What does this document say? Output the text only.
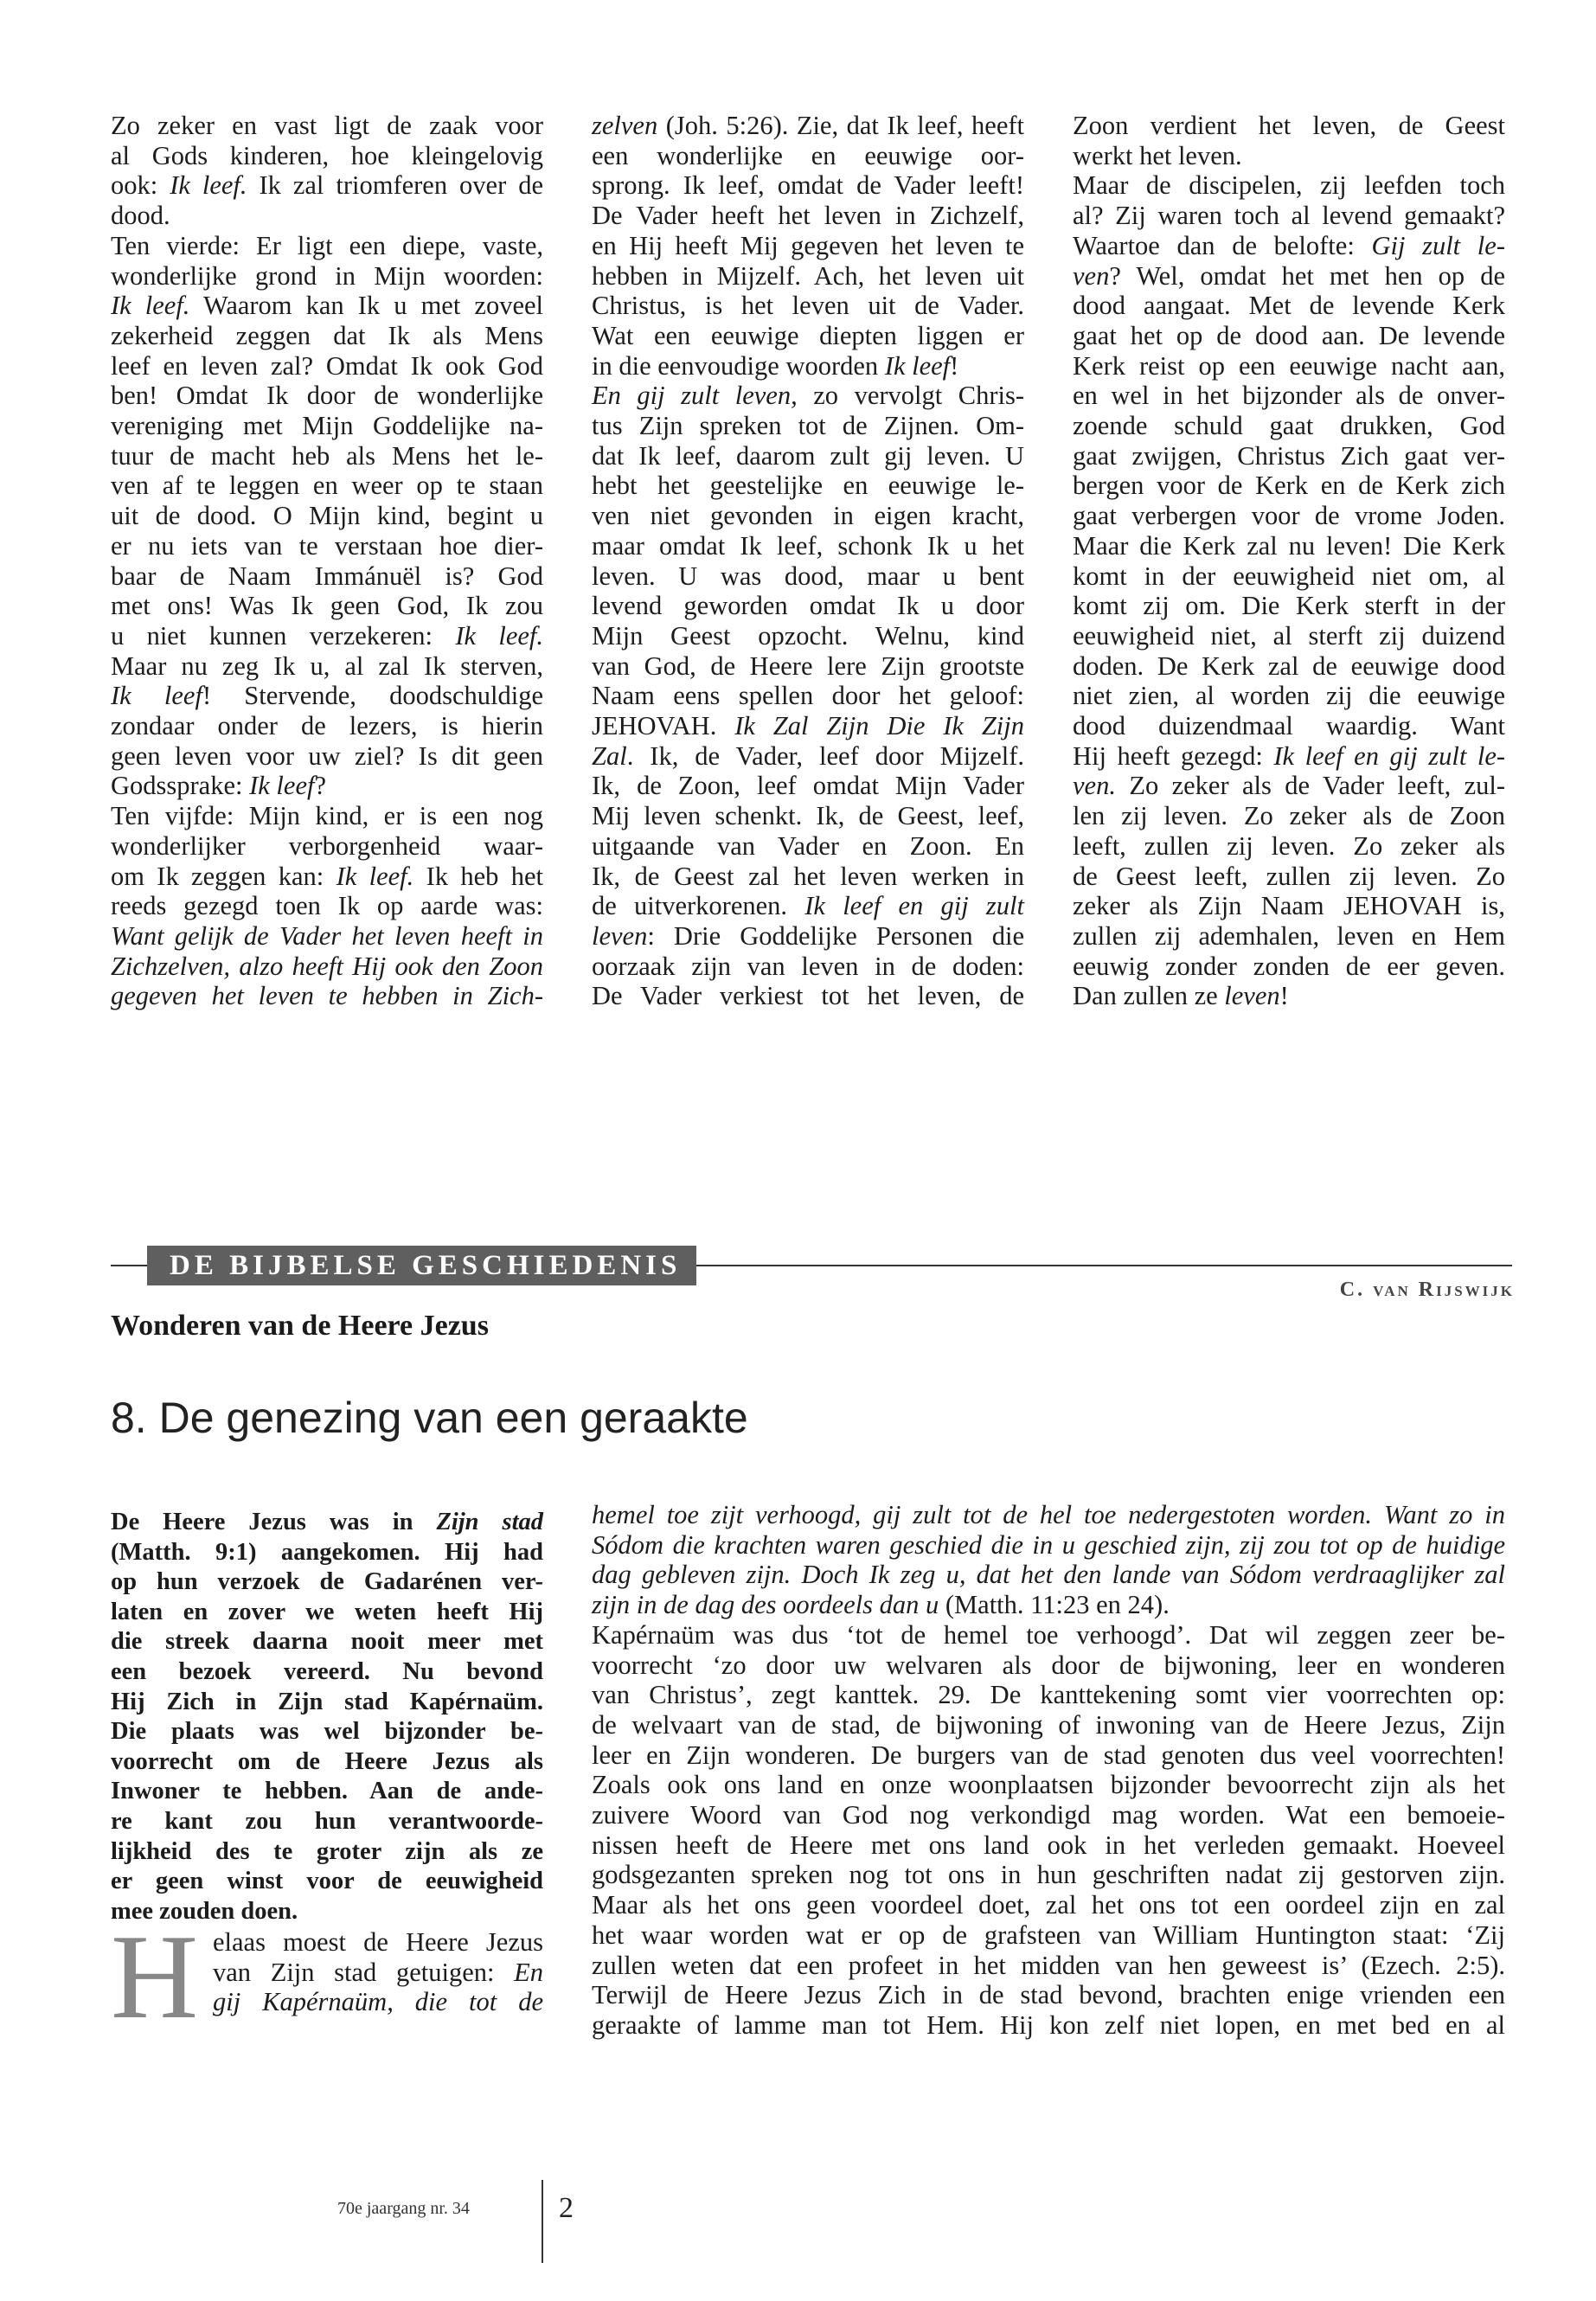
Zo zeker en vast ligt de zaak voor
al Gods kinderen, hoe kleingelovig
ook: Ik leef. Ik zal triomferen over de
dood.
Ten vierde: Er ligt een diepe, vaste,
wonderlijke grond in Mijn woorden:
Ik leef. Waarom kan Ik u met zoveel
zekerheid zeggen dat Ik als Mens
leef en leven zal? Omdat Ik ook God
ben! Omdat Ik door de wonderlijke
vereniging met Mijn Goddelijke na-
tuur de macht heb als Mens het le-
ven af te leggen en weer op te staan
uit de dood. O Mijn kind, begint u
er nu iets van te verstaan hoe dier-
baar de Naam Immánuël is? God
met ons! Was Ik geen God, Ik zou
u niet kunnen verzekeren: Ik leef.
Maar nu zeg Ik u, al zal Ik sterven,
Ik leef! Stervende, doodschuldige
zondaar onder de lezers, is hierin
geen leven voor uw ziel? Is dit geen
Godssprake: Ik leef?
Ten vijfde: Mijn kind, er is een nog
wonderlijker verborgenheid waar-
om Ik zeggen kan: Ik leef. Ik heb het
reeds gezegd toen Ik op aarde was:
Want gelijk de Vader het leven heeft in
Zichzelven, alzo heeft Hij ook den Zoon
gegeven het leven te hebben in Zich-
zelven (Joh. 5:26). Zie, dat Ik leef, heeft
een wonderlijke en eeuwige oor-
sprong. Ik leef, omdat de Vader leeft!
De Vader heeft het leven in Zichzelf,
en Hij heeft Mij gegeven het leven te
hebben in Mijzelf. Ach, het leven uit
Christus, is het leven uit de Vader.
Wat een eeuwige diepten liggen er
in die eenvoudige woorden Ik leef!
En gij zult leven, zo vervolgt Chris-
tus Zijn spreken tot de Zijnen. Om-
dat Ik leef, daarom zult gij leven. U
hebt het geestelijke en eeuwige le-
ven niet gevonden in eigen kracht,
maar omdat Ik leef, schonk Ik u het
leven. U was dood, maar u bent
levend geworden omdat Ik u door
Mijn Geest opzocht. Welnu, kind
van God, de Heere lere Zijn grootste
Naam eens spellen door het geloof:
JEHOVAH. Ik Zal Zijn Die Ik Zijn
Zal. Ik, de Vader, leef door Mijzelf.
Ik, de Zoon, leef omdat Mijn Vader
Mij leven schenkt. Ik, de Geest, leef,
uitgaande van Vader en Zoon. En
Ik, de Geest zal het leven werken in
de uitverkorenen. Ik leef en gij zult
leven: Drie Goddelijke Personen die
oorzaak zijn van leven in de doden:
De Vader verkiest tot het leven, de
Zoon verdient het leven, de Geest
werkt het leven.
Maar de discipelen, zij leefden toch
al? Zij waren toch al levend gemaakt?
Waartoe dan de belofte: Gij zult le-
ven? Wel, omdat het met hen op de
dood aangaat. Met de levende Kerk
gaat het op de dood aan. De levende
Kerk reist op een eeuwige nacht aan,
en wel in het bijzonder als de onver-
zoende schuld gaat drukken, God
gaat zwijgen, Christus Zich gaat ver-
bergen voor de Kerk en de Kerk zich
gaat verbergen voor de vrome Joden.
Maar die Kerk zal nu leven! Die Kerk
komt in der eeuwigheid niet om, al
komt zij om. Die Kerk sterft in der
eeuwigheid niet, al sterft zij duizend
doden. De Kerk zal de eeuwige dood
niet zien, al worden zij die eeuwige
dood duizendmaal waardig. Want
Hij heeft gezegd: Ik leef en gij zult le-
ven. Zo zeker als de Vader leeft, zul-
len zij leven. Zo zeker als de Zoon
leeft, zullen zij leven. Zo zeker als
de Geest leeft, zullen zij leven. Zo
zeker als Zijn Naam JEHOVAH is,
zullen zij ademhalen, leven en Hem
eeuwig zonder zonden de eer geven.
Dan zullen ze leven!
DE BIJBELSE GESCHIEDENIS
C. van Rijswijk
Wonderen van de Heere Jezus
8. De genezing van een geraakte
De Heere Jezus was in Zijn stad
(Matth. 9:1) aangekomen. Hij had
op hun verzoek de Gadarénen ver-
laten en zover we weten heeft Hij
die streek daarna nooit meer met
een bezoek vereerd. Nu bevond
Hij Zich in Zijn stad Kapérnaüm.
Die plaats was wel bijzonder be-
voorrecht om de Heere Jezus als
Inwoner te hebben. Aan de ande-
re kant zou hun verantwoorde-
lijkheid des te groter zijn als ze
er geen winst voor de eeuwigheid
mee zouden doen.
H elaas moest de Heere Jezus
van Zijn stad getuigen: En
gij Kapérnaüm, die tot de
hemel toe zijt verhoogd, gij zult tot de hel toe nedergestoten worden. Want zo in
Sódom die krachten waren geschied die in u geschied zijn, zij zou tot op de huidige
dag gebleven zijn. Doch Ik zeg u, dat het den lande van Sódom verdraaglijker zal
zijn in de dag des oordeels dan u (Matth. 11:23 en 24).
Kapérnaüm was dus ‘tot de hemel toe verhoogd’. Dat wil zeggen zeer be-
voorrecht ‘zo door uw welvaren als door de bijwoning, leer en wonderen
van Christus’, zegt kanttek. 29. De kanttekening somt vier voorrechten op:
de welvaart van de stad, de bijwoning of inwoning van de Heere Jezus, Zijn
leer en Zijn wonderen. De burgers van de stad genoten dus veel voorrechten!
Zoals ook ons land en onze woonplaatsen bijzonder bevoorrecht zijn als het
zuivere Woord van God nog verkondigd mag worden. Wat een bemoeie-
nissen heeft de Heere met ons land ook in het verleden gemaakt. Hoeveel
godsgezanten spreken nog tot ons in hun geschriften nadat zij gestorven zijn.
Maar als het ons geen voordeel doet, zal het ons tot een oordeel zijn en zal
het waar worden wat er op de grafsteen van William Huntington staat: ‘Zij
zullen weten dat een profeet in het midden van hen geweest is’ (Ezech. 2:5).
Terwijl de Heere Jezus Zich in de stad bevond, brachten enige vrienden een
geraakte of lamme man tot Hem. Hij kon zelf niet lopen, en met bed en al
70e jaargang nr. 34	2
